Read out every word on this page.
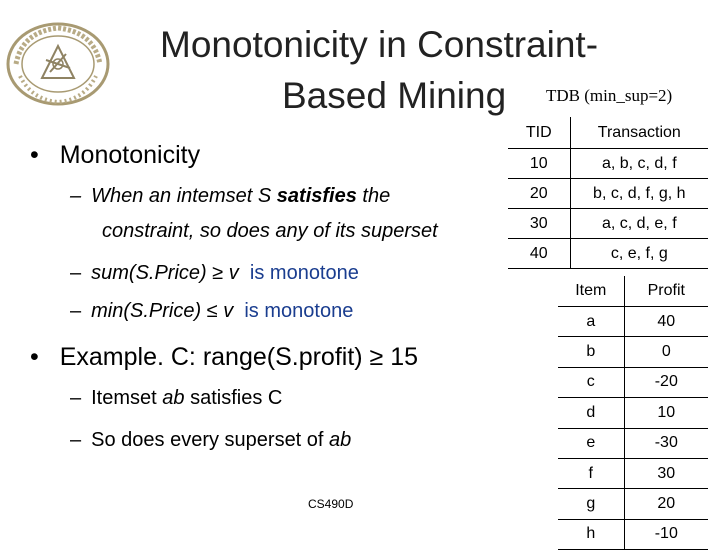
Monotonicity in Constraint-
Based Mining TDB (min_sup=2)
• Monotonicity
– When an intemset S satisfies the
constraint, so does any of its superset
– sum(S.Price) ≥ v is monotone
– min(S.Price) ≤ v is monotone
• Example. C: range(S.profit) ≥ 15
– Itemset ab satisfies C
– So does every superset of ab
CS490D
TID	Transaction
10	a, b, c, d, f
20	b, c, d, f, g, h
30	a, c, d, e, f
40	c, e, f, g
Item	Profit
a	40
b	0
c	-20
d	10
e	-30
f	30
g	20
h	-10
